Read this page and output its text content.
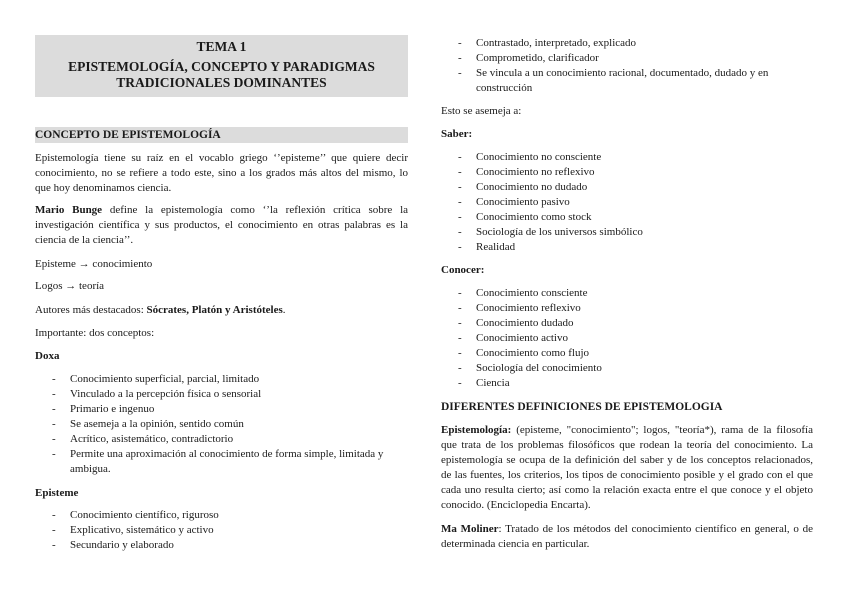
TEMA 1
EPISTEMOLOGÍA, CONCEPTO Y PARADIGMAS TRADICIONALES DOMINANTES
CONCEPTO DE EPISTEMOLOGÍA
Epistemología tiene su raíz en el vocablo griego ‘’episteme’’ que quiere decir conocimiento, no se refiere a todo este, sino a los grados más altos del mismo, lo que hoy denominamos ciencia.
Mario Bunge define la epistemología como ‘’la reflexión crítica sobre la investigación científica y sus productos, el conocimiento en otras palabras es la ciencia de la ciencia’’.
Episteme → conocimiento
Logos → teoría
Autores más destacados: Sócrates, Platón y Aristóteles.
Importante: dos conceptos:
Doxa
- Conocimiento superficial, parcial, limitado
- Vinculado a la percepción física o sensorial
- Primario e ingenuo
- Se asemeja a la opinión, sentido común
- Acrítico, asistemático, contradictorio
- Permite una aproximación al conocimiento de forma simple, limitada y ambigua.
Episteme
- Conocimiento científico, riguroso
- Explicativo, sistemático y activo
- Secundario y elaborado
- Contrastado, interpretado, explicado
- Comprometido, clarificador
- Se vincula a un conocimiento racional, documentado, dudado y en construcción
Esto se asemeja a:
Saber:
- Conocimiento no consciente
- Conocimiento no reflexivo
- Conocimiento no dudado
- Conocimiento pasivo
- Conocimiento como stock
- Sociología de los universos simbólico
- Realidad
Conocer:
- Conocimiento consciente
- Conocimiento reflexivo
- Conocimiento dudado
- Conocimiento activo
- Conocimiento como flujo
- Sociología del conocimiento
- Ciencia
DIFERENTES DEFINICIONES DE EPISTEMOLOGIA
Epistemología: (episteme, "conocimiento"; logos, "teoría*), rama de la filosofía que trata de los problemas filosóficos que rodean la teoría del conocimiento. La epistemología se ocupa de la definición del saber y de los conceptos relacionados, de las fuentes, los criterios, los tipos de conocimiento posible y el grado con el que cada uno resulta cierto; así como la relación exacta entre el que conoce y el objeto conocido. (Enciclopedia Encarta).
Ma Moliner: Tratado de los métodos del conocimiento científico en general, o de determinada ciencia en particular.
